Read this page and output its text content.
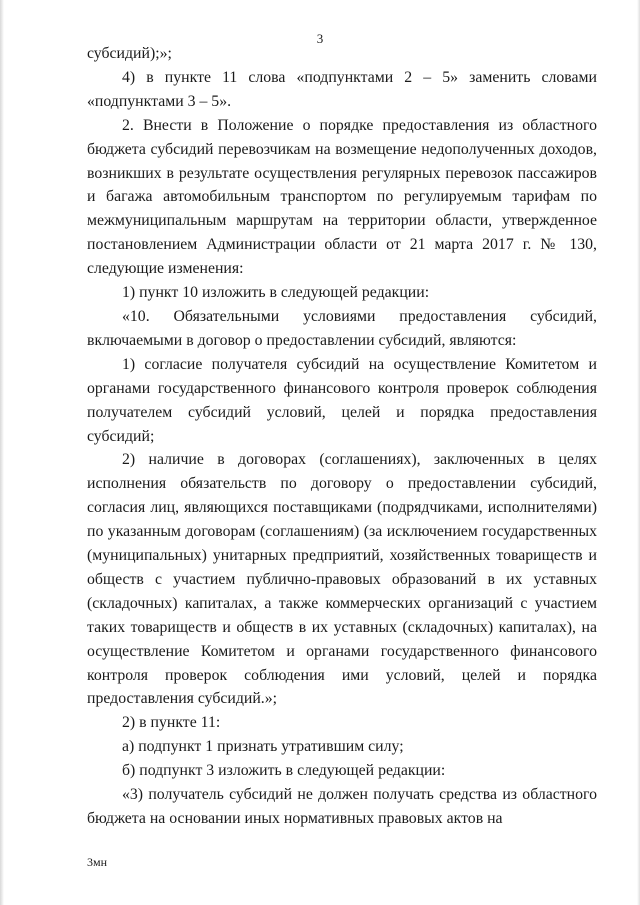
3

субсидий);»;

4) в пункте 11 слова «подпунктами 2 – 5» заменить словами «подпунктами 3 – 5».

2. Внести в Положение о порядке предоставления из областного бюджета субсидий перевозчикам на возмещение недополученных доходов, возникших в результате осуществления регулярных перевозок пассажиров и багажа автомобильным транспортом по регулируемым тарифам по межмуниципальным маршрутам на территории области, утвержденное постановлением Администрации области от 21 марта 2017 г. № 130, следующие изменения:

1) пункт 10 изложить в следующей редакции:

«10. Обязательными условиями предоставления субсидий, включаемыми в договор о предоставлении субсидий, являются:

1) согласие получателя субсидий на осуществление Комитетом и органами государственного финансового контроля проверок соблюдения получателем субсидий условий, целей и порядка предоставления субсидий;

2) наличие в договорах (соглашениях), заключенных в целях исполнения обязательств по договору о предоставлении субсидий, согласия лиц, являющихся поставщиками (подрядчиками, исполнителями) по указанным договорам (соглашениям) (за исключением государственных (муниципальных) унитарных предприятий, хозяйственных товариществ и обществ с участием публично-правовых образований в их уставных (складочных) капиталах, а также коммерческих организаций с участием таких товариществ и обществ в их уставных (складочных) капиталах), на осуществление Комитетом и органами государственного финансового контроля проверок соблюдения ими условий, целей и порядка предоставления субсидий.»;

2) в пункте 11:

а) подпункт 1 признать утратившим силу;

б) подпункт 3 изложить в следующей редакции:

«3) получатель субсидий не должен получать средства из областного бюджета на основании иных нормативных правовых актов на

3мн
